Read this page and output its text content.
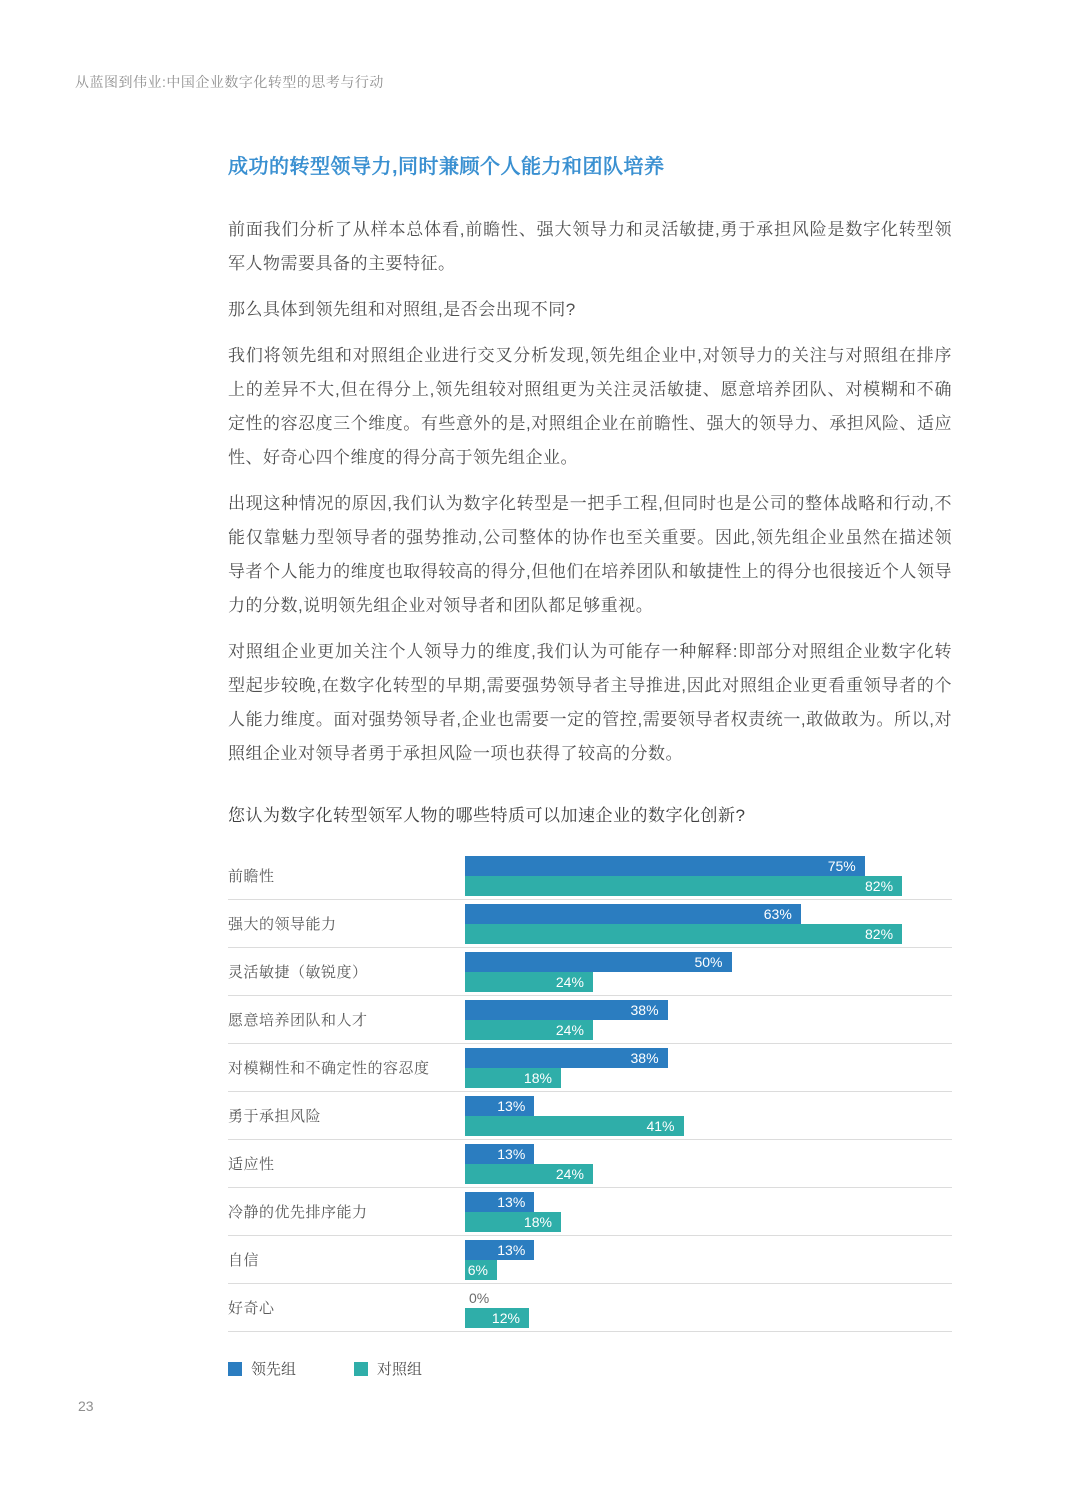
从蓝图到伟业:中国企业数字化转型的思考与行动
成功的转型领导力,同时兼顾个人能力和团队培养

前面我们分析了从样本总体看,前瞻性、强大领导力和灵活敏捷,勇于承担风险是数字化转型领军人物需要具备的主要特征。

那么具体到领先组和对照组,是否会出现不同?

我们将领先组和对照组企业进行交叉分析发现,领先组企业中,对领导力的关注与对照组在排序上的差异不大,但在得分上,领先组较对照组更为关注灵活敏捷、愿意培养团队、对模糊和不确定性的容忍度三个维度。有些意外的是,对照组企业在前瞻性、强大的领导力、承担风险、适应性、好奇心四个维度的得分高于领先组企业。

出现这种情况的原因,我们认为数字化转型是一把手工程,但同时也是公司的整体战略和行动,不能仅靠魅力型领导者的强势推动,公司整体的协作也至关重要。因此,领先组企业虽然在描述领导者个人能力的维度也取得较高的得分,但他们在培养团队和敏捷性上的得分也很接近个人领导力的分数,说明领先组企业对领导者和团队都足够重视。

对照组企业更加关注个人领导力的维度,我们认为可能存一种解释:即部分对照组企业数字化转型起步较晚,在数字化转型的早期,需要强势领导者主导推进,因此对照组企业更看重领导者的个人能力维度。面对强势领导者,企业也需要一定的管控,需要领导者权责统一,敢做敢为。所以,对照组企业对领导者勇于承担风险一项也获得了较高的分数。

您认为数字化转型领军人物的哪些特质可以加速企业的数字化创新?
前瞻性
75%
82%
强大的领导能力
63%
82%
灵活敏捷（敏锐度）
50%
24%
愿意培养团队和人才
38%
24%
对模糊性和不确定性的容忍度
38%
18%
勇于承担风险
13%
41%
适应性
13%
24%
冷静的优先排序能力
13%
18%
自信
13%
6%
好奇心
0%
12%
领先组	对照组
23
